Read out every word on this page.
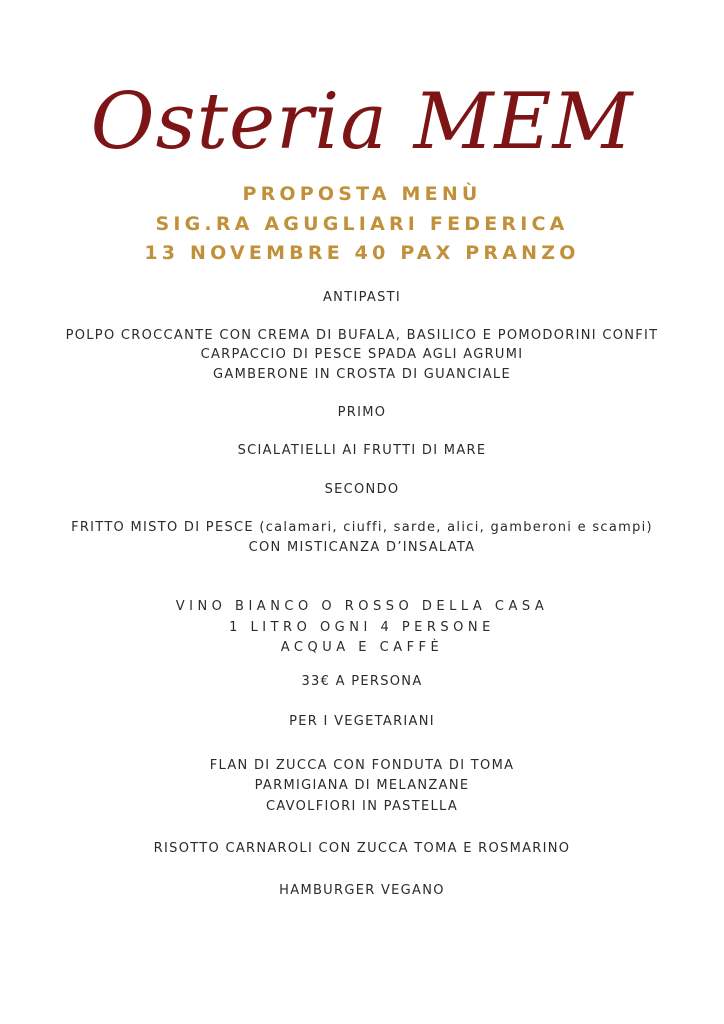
Osteria MEM

PROPOSTA MENÙ

SIG.RA AGUGLIARI FEDERICA

13 NOVEMBRE 40 PAX PRANZO

ANTIPASTI

POLPO CROCCANTE CON CREMA DI BUFALA, BASILICO E POMODORINI CONFIT

CARPACCIO DI PESCE SPADA AGLI AGRUMI

GAMBERONE IN CROSTA DI GUANCIALE

PRIMO

SCIALATIELLI AI FRUTTI DI MARE

SECONDO

FRITTO MISTO DI PESCE (calamari, ciuffi, sarde, alici, gamberoni e scampi)

CON MISTICANZA D’INSALATA

VINO BIANCO O ROSSO DELLA CASA

1 LITRO OGNI 4 PERSONE

ACQUA E CAFFÈ

33€ A PERSONA

PER I VEGETARIANI

FLAN DI ZUCCA CON FONDUTA DI TOMA

PARMIGIANA DI MELANZANE

CAVOLFIORI IN PASTELLA

RISOTTO CARNAROLI CON ZUCCA TOMA E ROSMARINO

HAMBURGER VEGANO
